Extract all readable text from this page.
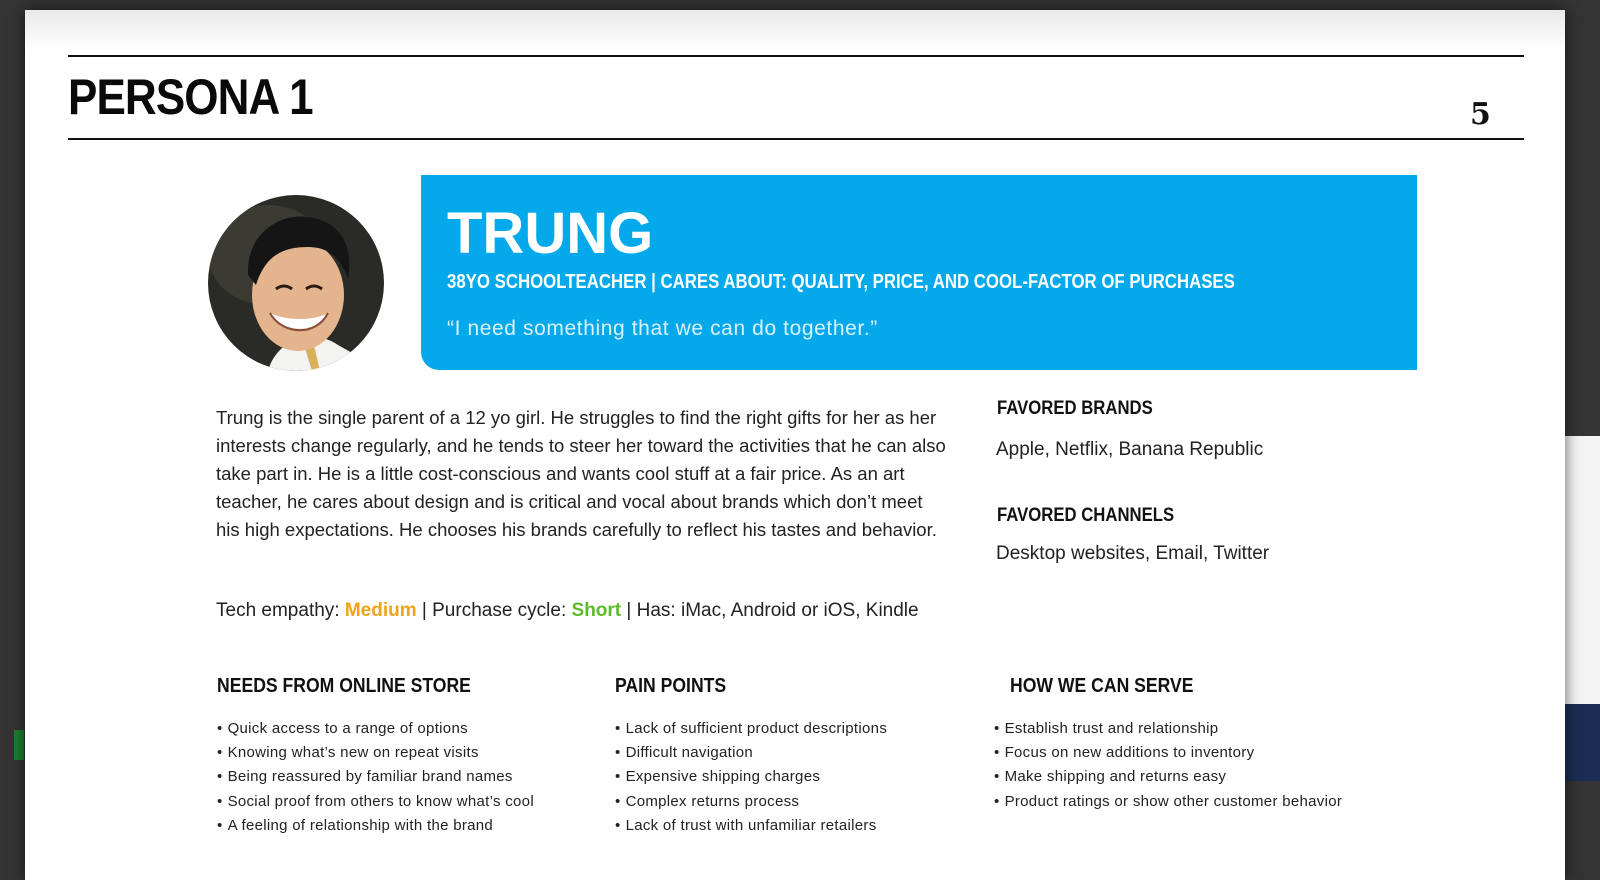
PERSONA 1	5
TRUNG
38YO SCHOOLTEACHER | CARES ABOUT: QUALITY, PRICE, AND COOL-FACTOR OF PURCHASES
“I need something that we can do together.”
Trung is the single parent of a 12 yo girl. He struggles to find the right gifts for her as her interests change regularly, and he tends to steer her toward the activities that he can also take part in. He is a little cost-conscious and wants cool stuff at a fair price. As an art teacher, he cares about design and is critical and vocal about brands which don’t meet his high expectations. He chooses his brands carefully to reflect his tastes and behavior.
Tech empathy: Medium | Purchase cycle: Short | Has: iMac, Android or iOS, Kindle
FAVORED BRANDS
Apple, Netflix, Banana Republic
FAVORED CHANNELS
Desktop websites, Email, Twitter
NEEDS FROM ONLINE STORE
• Quick access to a range of options
• Knowing what’s new on repeat visits
• Being reassured by familiar brand names
• Social proof from others to know what’s cool
• A feeling of relationship with the brand
PAIN POINTS
• Lack of sufficient product descriptions
• Difficult navigation
• Expensive shipping charges
• Complex returns process
• Lack of trust with unfamiliar retailers
HOW WE CAN SERVE
• Establish trust and relationship
• Focus on new additions to inventory
• Make shipping and returns easy
• Product ratings or show other customer behavior
